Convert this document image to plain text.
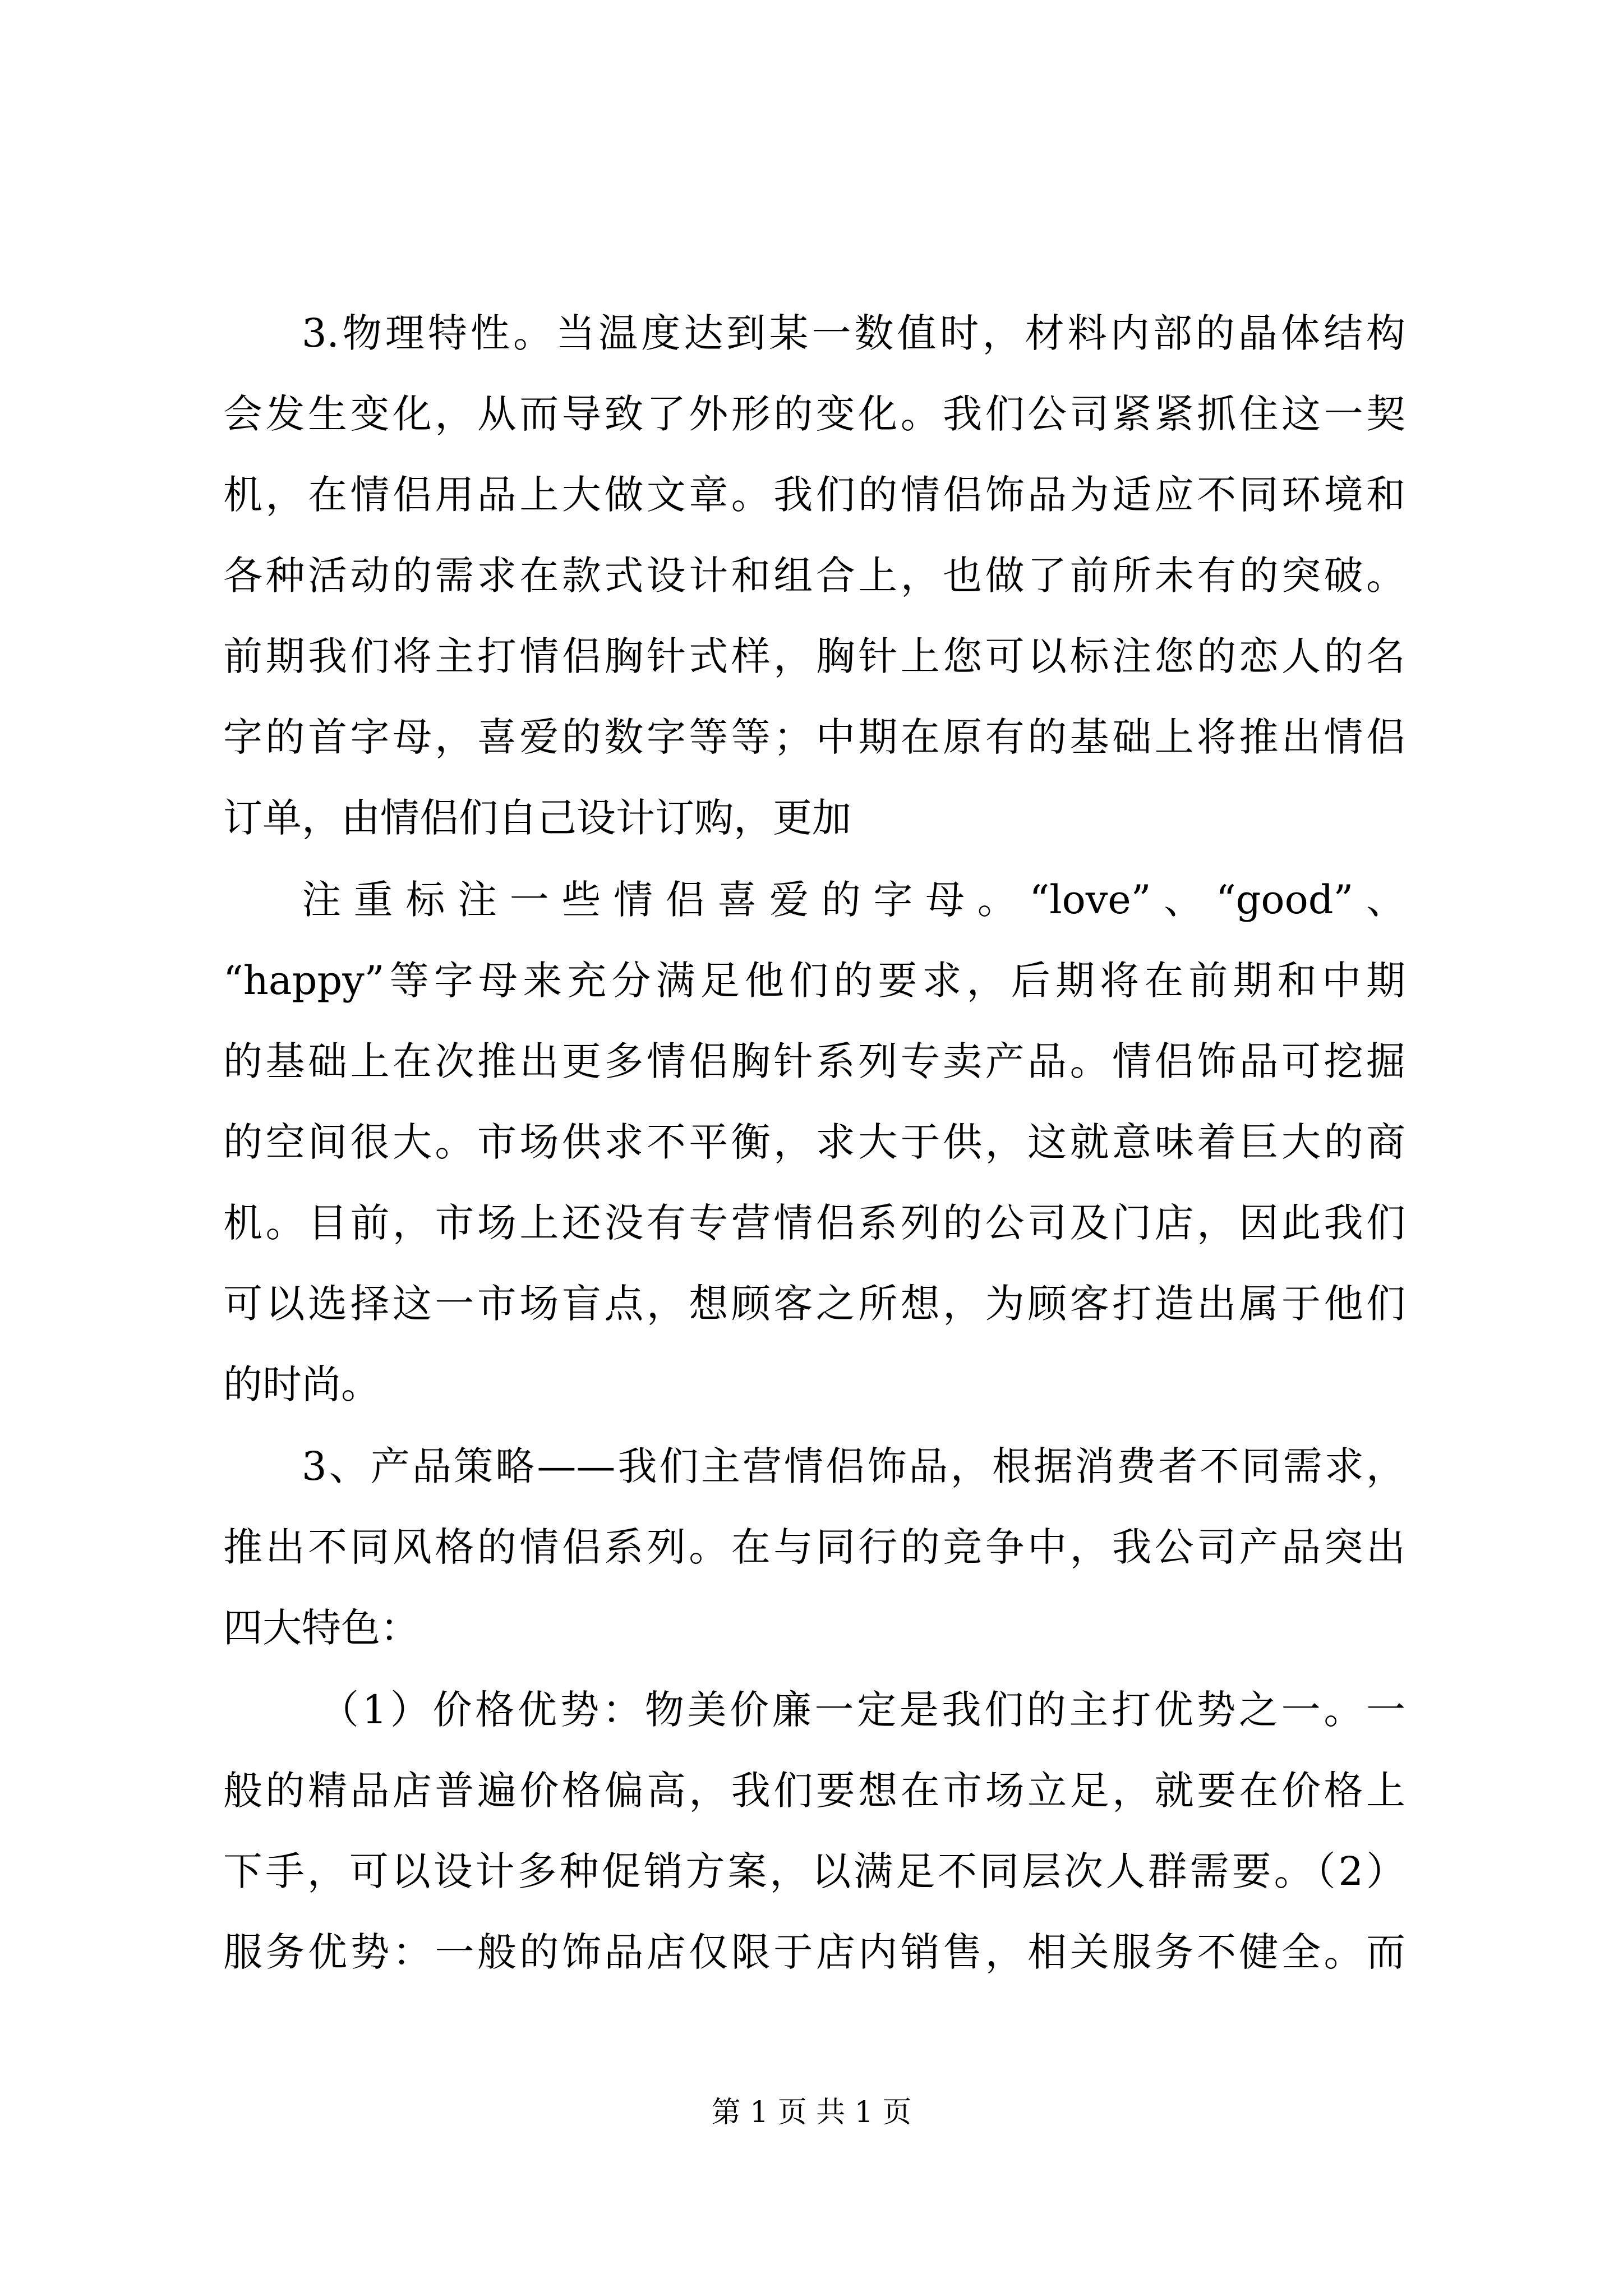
3.物理特性。当温度达到某一数值时，材料内部的晶体结构
会发生变化，从而导致了外形的变化。我们公司紧紧抓住这一契
机，在情侣用品上大做文章。我们的情侣饰品为适应不同环境和
各种活动的需求在款式设计和组合上，也做了前所未有的突破。
前期我们将主打情侣胸针式样，胸针上您可以标注您的恋人的名
字的首字母，喜爱的数字等等；中期在原有的基础上将推出情侣
订单，由情侣们自己设计订购，更加
注重标注一些情侣喜爱的字母。“love”、“good”、
“happy”等字母来充分满足他们的要求，后期将在前期和中期
的基础上在次推出更多情侣胸针系列专卖产品。情侣饰品可挖掘
的空间很大。市场供求不平衡，求大于供，这就意味着巨大的商
机。目前，市场上还没有专营情侣系列的公司及门店，因此我们
可以选择这一市场盲点，想顾客之所想，为顾客打造出属于他们
的时尚。
3、产品策略——我们主营情侣饰品，根据消费者不同需求，
推出不同风格的情侣系列。在与同行的竞争中，我公司产品突出
四大特色：
（1）价格优势：物美价廉一定是我们的主打优势之一。一
般的精品店普遍价格偏高，我们要想在市场立足，就要在价格上
下手，可以设计多种促销方案，以满足不同层次人群需要。（2）
服务优势：一般的饰品店仅限于店内销售，相关服务不健全。而
第 1 页 共 1 页
